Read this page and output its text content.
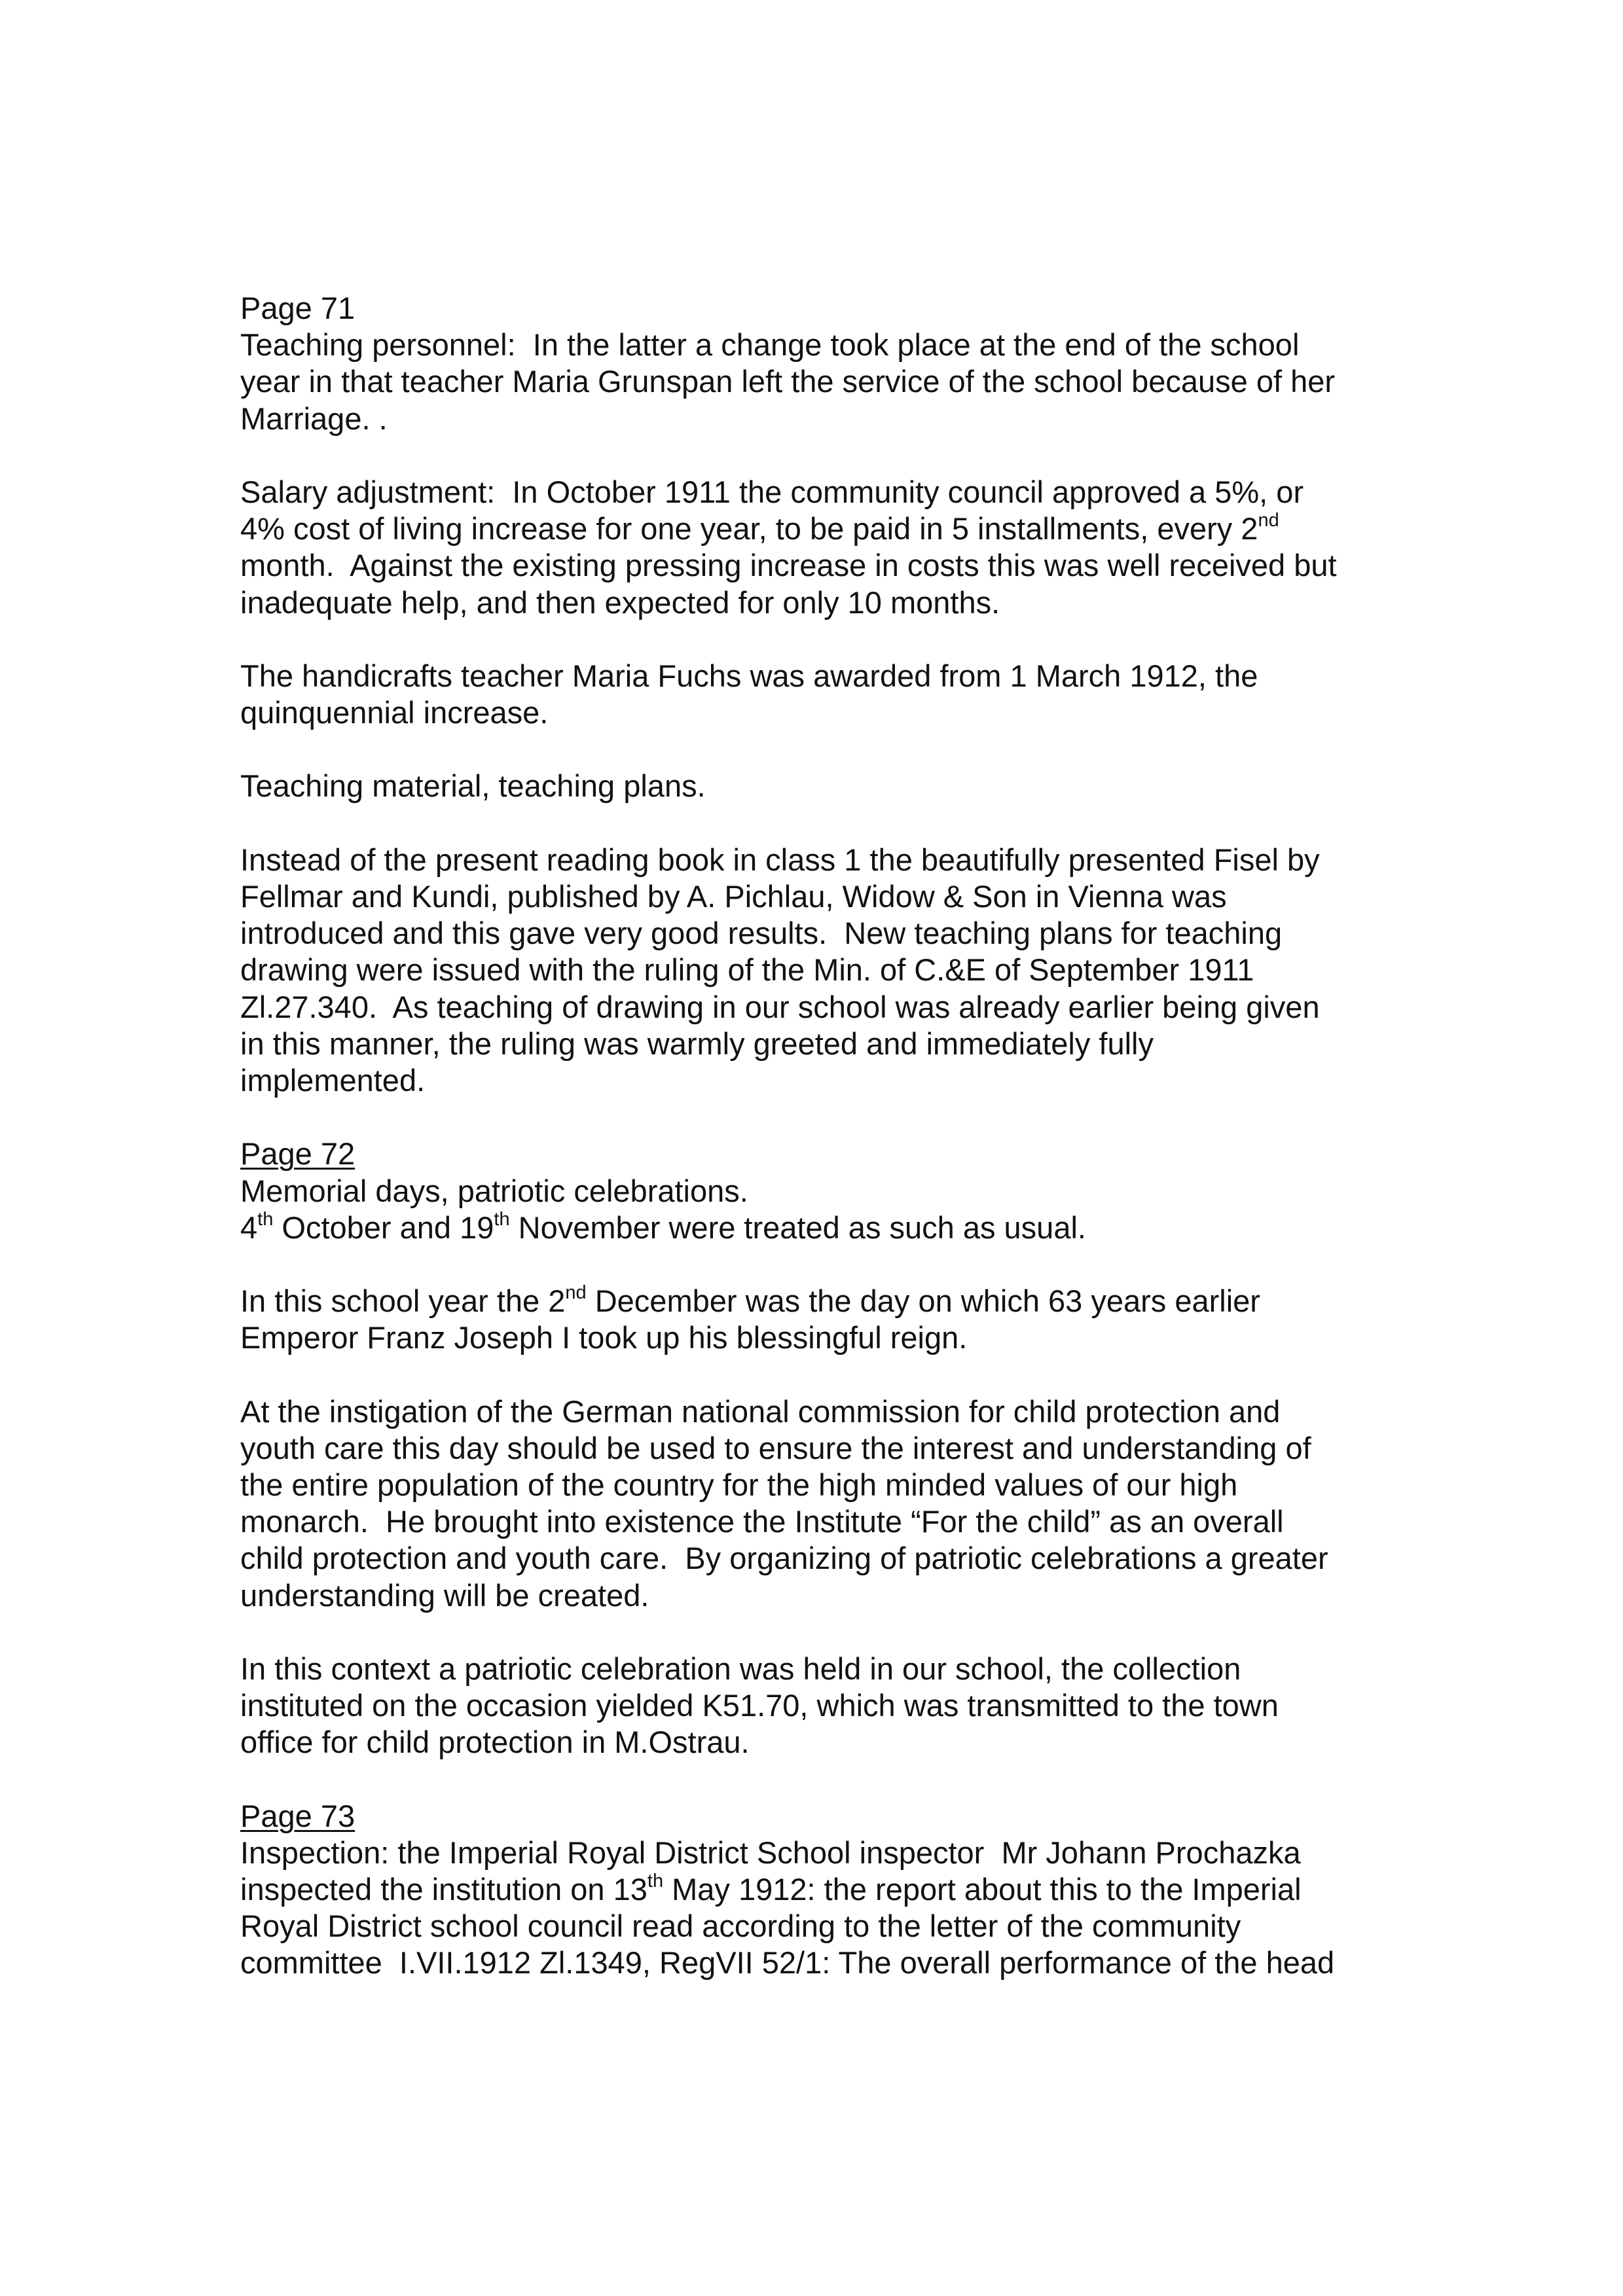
Page 71
Teaching personnel:  In the latter a change took place at the end of the school
year in that teacher Maria Grunspan left the service of the school because of her
Marriage. .
Salary adjustment:  In October 1911 the community council approved a 5%, or
4% cost of living increase for one year, to be paid in 5 installments, every 2nd
month.  Against the existing pressing increase in costs this was well received but
inadequate help, and then expected for only 10 months.
The handicrafts teacher Maria Fuchs was awarded from 1 March 1912, the
quinquennial increase.
Teaching material, teaching plans.
Instead of the present reading book in class 1 the beautifully presented Fisel by
Fellmar and Kundi, published by A. Pichlau, Widow & Son in Vienna was
introduced and this gave very good results.  New teaching plans for teaching
drawing were issued with the ruling of the Min. of C.&E of September 1911
Zl.27.340.  As teaching of drawing in our school was already earlier being given
in this manner, the ruling was warmly greeted and immediately fully
implemented.
Page 72
Memorial days, patriotic celebrations.
4th October and 19th November were treated as such as usual.
In this school year the 2nd December was the day on which 63 years earlier
Emperor Franz Joseph I took up his blessingful reign.
At the instigation of the German national commission for child protection and
youth care this day should be used to ensure the interest and understanding of
the entire population of the country for the high minded values of our high
monarch.  He brought into existence the Institute “For the child” as an overall
child protection and youth care.  By organizing of patriotic celebrations a greater
understanding will be created.
In this context a patriotic celebration was held in our school, the collection
instituted on the occasion yielded K51.70, which was transmitted to the town
office for child protection in M.Ostrau.
Page 73
Inspection: the Imperial Royal District School inspector  Mr Johann Prochazka
inspected the institution on 13th May 1912: the report about this to the Imperial
Royal District school council read according to the letter of the community
committee  I.VII.1912 Zl.1349, RegVII 52/1: The overall performance of the head
